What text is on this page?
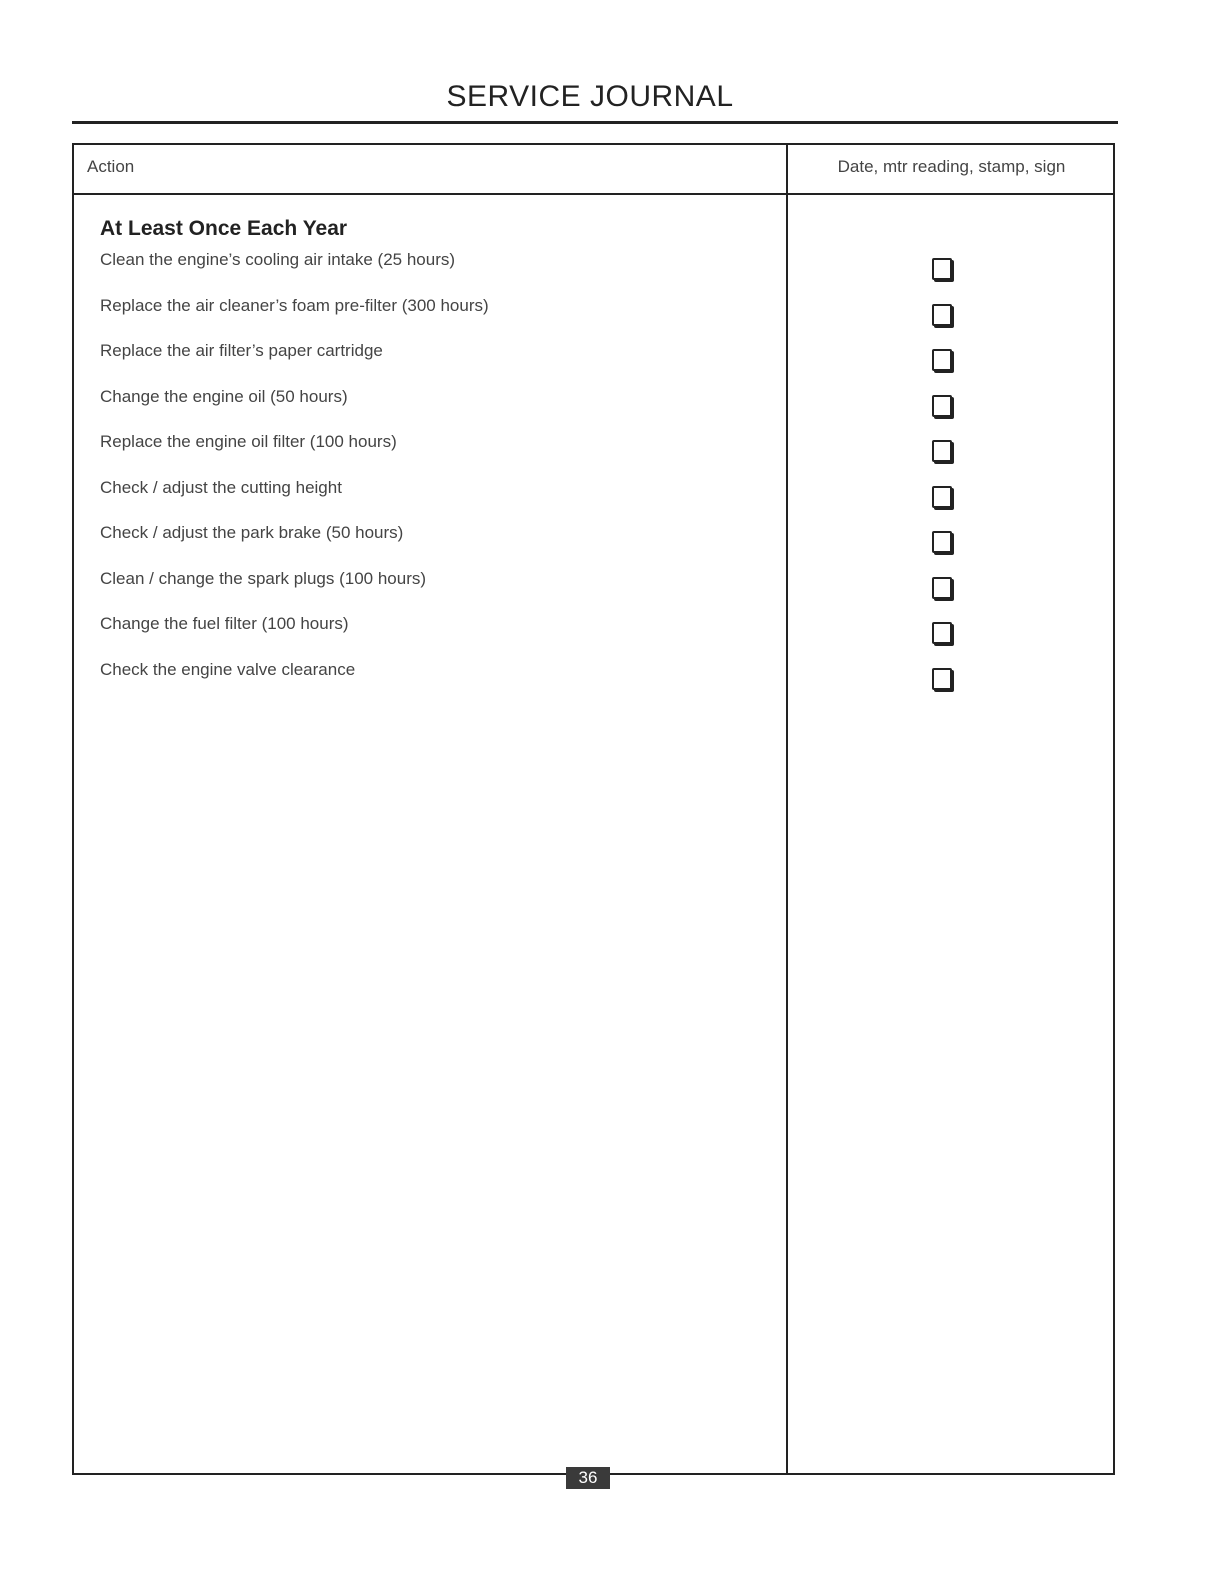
SERVICE JOURNAL
Action	Date, mtr reading, stamp, sign
At Least Once Each Year
Clean the engine’s cooling air intake (25 hours)
Replace the air cleaner’s foam pre-filter (300 hours)
Replace the air filter’s paper cartridge
Change the engine oil (50 hours)
Replace the engine oil filter (100 hours)
Check / adjust the cutting height
Check / adjust the park brake (50 hours)
Clean / change the spark plugs (100 hours)
Change the fuel filter (100 hours)
Check the engine valve clearance
36
